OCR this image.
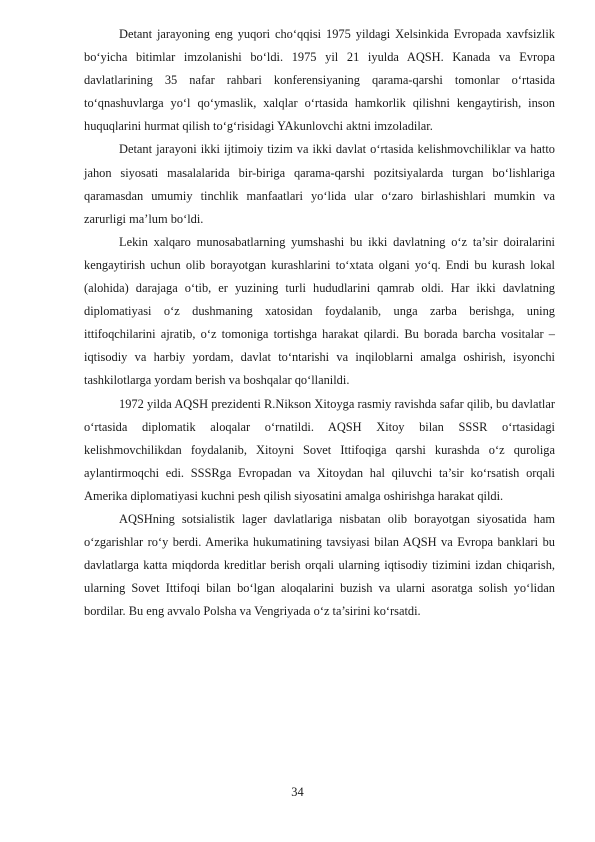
Detant jarayoning eng yuqori cho‘qqisi 1975 yildagi Xelsinkida Evropada xavfsizlik bo‘yicha bitimlar imzolanishi bo‘ldi. 1975 yil 21 iyulda AQSH. Kanada va Evropa davlatlarining 35 nafar rahbari konferensiyaning qarama-qarshi tomonlar o‘rtasida to‘qnashuvlarga yo‘l qo‘ymaslik, xalqlar o‘rtasida hamkorlik qilishni kengaytirish, inson huquqlarini hurmat qilish to‘g‘risidagi YAkunlovchi aktni imzoladilar.

Detant jarayoni ikki ijtimoiy tizim va ikki davlat o‘rtasida kelishmovchiliklar va hatto jahon siyosati masalalarida bir-biriga qarama-qarshi pozitsiyalarda turgan bo‘lishlariga qaramasdan umumiy tinchlik manfaatlari yo‘lida ular o‘zaro birlashishlari mumkin va zarurligi ma’lum bo‘ldi.

Lekin xalqaro munosabatlarning yumshashi bu ikki davlatning o‘z ta’sir doiralarini kengaytirish uchun olib borayotgan kurashlarini to‘xtata olgani yo‘q. Endi bu kurash lokal (alohida) darajaga o‘tib, er yuzining turli hududlarini qamrab oldi. Har ikki davlatning diplomatiyasi o‘z dushmaning xatosidan foydalanib, unga zarba berishga, uning ittifoqchilarini ajratib, o‘z tomoniga tortishga harakat qilardi. Bu borada barcha vositalar – iqtisodiy va harbiy yordam, davlat to‘ntarishi va inqiloblarni amalga oshirish, isyonchi tashkilotlarga yordam berish va boshqalar qo‘llanildi.

1972 yilda AQSH prezidenti R.Nikson Xitoyga rasmiy ravishda safar qilib, bu davlatlar o‘rtasida diplomatik aloqalar o‘rnatildi. AQSH Xitoy bilan SSSR o‘rtasidagi kelishmovchilikdan foydalanib, Xitoyni Sovet Ittifoqiga qarshi kurashda o‘z quroliga aylantirmoqchi edi. SSSRga Evropadan va Xitoydan hal qiluvchi ta’sir ko‘rsatish orqali Amerika diplomatiyasi kuchni pesh qilish siyosatini amalga oshirishga harakat qildi.

AQSHning sotsialistik lager davlatlariga nisbatan olib borayotgan siyosatida ham o‘zgarishlar ro‘y berdi. Amerika hukumatining tavsiyasi bilan AQSH va Evropa banklari bu davlatlarga katta miqdorda kreditlar berish orqali ularning iqtisodiy tizimini izdan chiqarish, ularning Sovet Ittifoqi bilan bo‘lgan aloqalarini buzish va ularni asoratga solish yo‘lidan bordilar. Bu eng avvalo Polsha va Vengriyada o‘z ta’sirini ko‘rsatdi.

34
